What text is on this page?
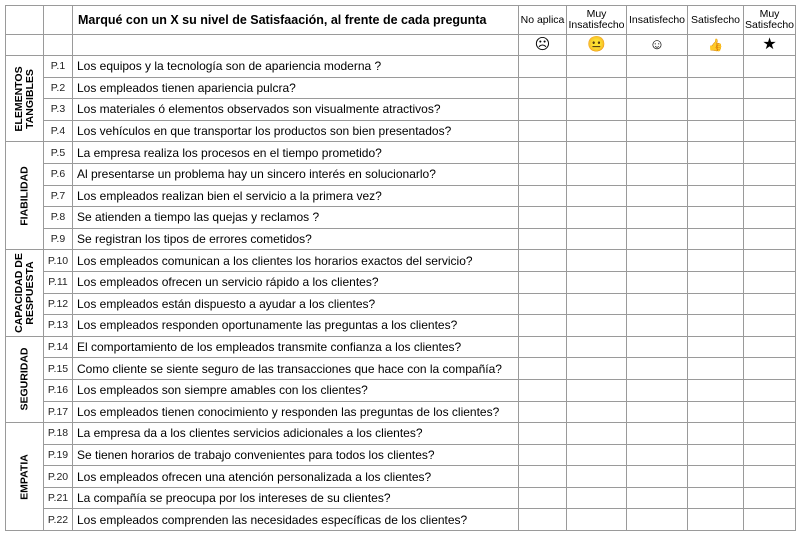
		Marqué con un X su nivel de Satisfaación, al frente de cada pregunta	No aplica	Muy Insatisfecho	Insatisfecho	Satisfecho	Muy Satisfecho
			☹	😐	☺	👍	★

ELEMENTOS TANGIBLES	P.1	Los equipos y la tecnología son de apariencia moderna ?					
	P.2	Los empleados tienen apariencia pulcra?					
	P.3	Los materiales ó elementos observados son visualmente atractivos?					
	P.4	Los vehículos en que transportar los productos son bien presentados?					

FIABILIDAD	P.5	La empresa realiza los procesos en el tiempo prometido?					
	P.6	Al presentarse un problema hay un sincero interés en solucionarlo?					
	P.7	Los empleados realizan bien el servicio a la primera vez?					
	P.8	Se atienden a tiempo las quejas y reclamos ?					
	P.9	Se registran los tipos de errores cometidos?					

CAPACIDAD DE RESPUESTA	P.10	Los empleados comunican a los clientes los horarios exactos del servicio?					
	P.11	Los empleados ofrecen un servicio rápido a los clientes?					
	P.12	Los empleados están dispuesto a ayudar a los clientes?					
	P.13	Los empleados responden oportunamente las preguntas a los clientes?					

SEGURIDAD	P.14	El comportamiento de los empleados transmite confianza a los clientes?					
	P.15	Como cliente se siente seguro de las transacciones que hace con la compañía?					
	P.16	Los empleados son siempre amables con los clientes?					
	P.17	Los empleados tienen conocimiento y responden las preguntas de los clientes?					

EMPATIA	P.18	La empresa da a los clientes servicios adicionales a los clientes?					
	P.19	Se tienen horarios de trabajo convenientes para todos los clientes?					
	P.20	Los empleados ofrecen una atención personalizada a los clientes?					
	P.21	La compañía se preocupa por los intereses de su clientes?					
	P.22	Los empleados comprenden las necesidades específicas de los clientes?					
